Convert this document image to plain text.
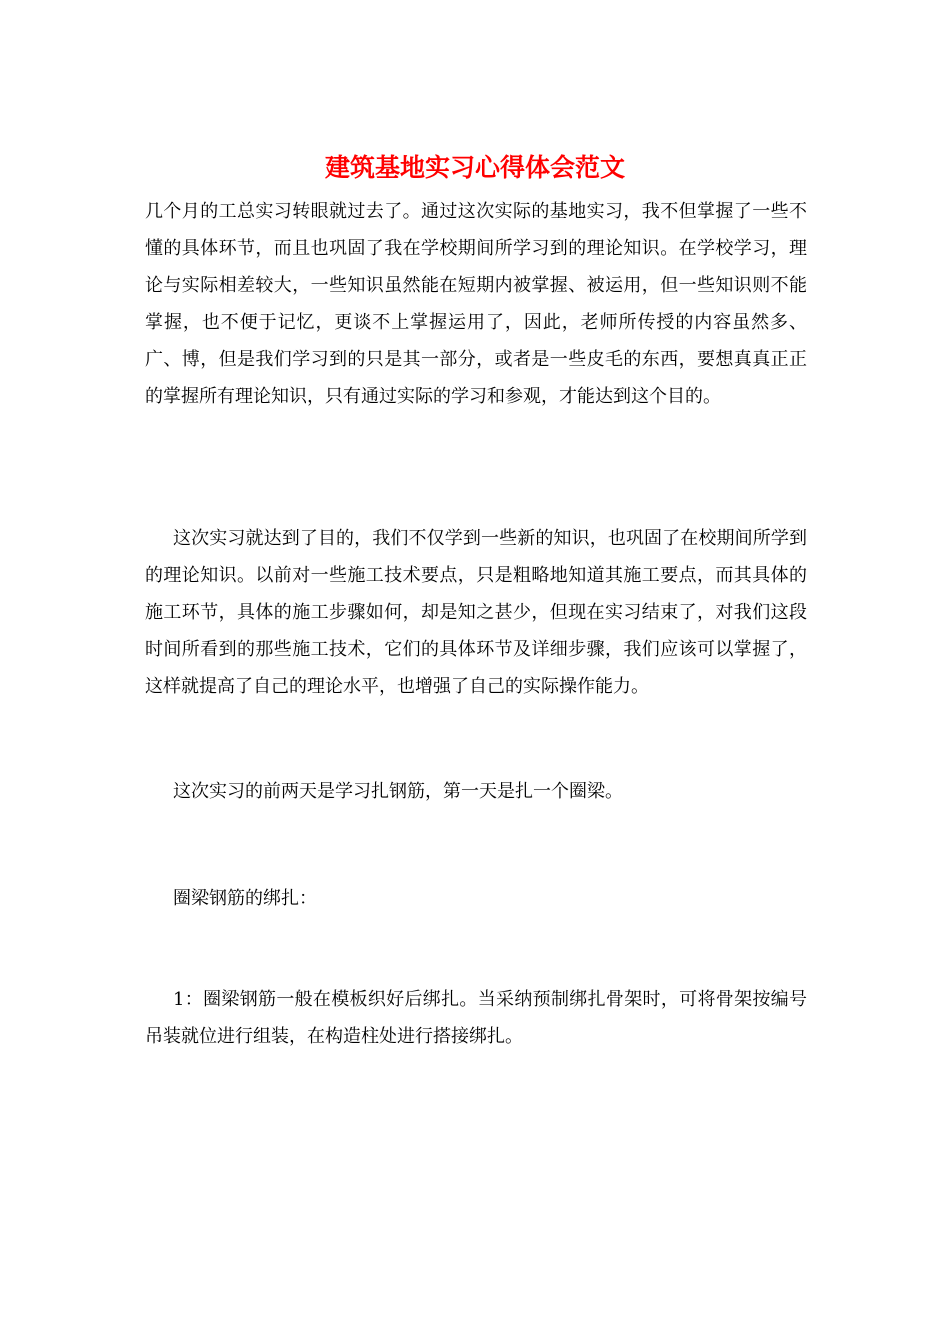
建筑基地实习心得体会范文

几个月的工总实习转眼就过去了。通过这次实际的基地实习，我不但掌握了一些不懂的具体环节，而且也巩固了我在学校期间所学习到的理论知识。在学校学习，理论与实际相差较大，一些知识虽然能在短期内被掌握、被运用，但一些知识则不能掌握，也不便于记忆，更谈不上掌握运用了，因此，老师所传授的内容虽然多、广、博，但是我们学习到的只是其一部分，或者是一些皮毛的东西，要想真真正正的掌握所有理论知识，只有通过实际的学习和参观，才能达到这个目的。

这次实习就达到了目的，我们不仅学到一些新的知识，也巩固了在校期间所学到的理论知识。以前对一些施工技术要点，只是粗略地知道其施工要点，而其具体的施工环节，具体的施工步骤如何，却是知之甚少，但现在实习结束了，对我们这段时间所看到的那些施工技术，它们的具体环节及详细步骤，我们应该可以掌握了，这样就提高了自己的理论水平，也增强了自己的实际操作能力。

这次实习的前两天是学习扎钢筋，第一天是扎一个圈梁。

圈梁钢筋的绑扎：

1：圈梁钢筋一般在模板织好后绑扎。当采纳预制绑扎骨架时，可将骨架按编号吊装就位进行组装，在构造柱处进行搭接绑扎。
